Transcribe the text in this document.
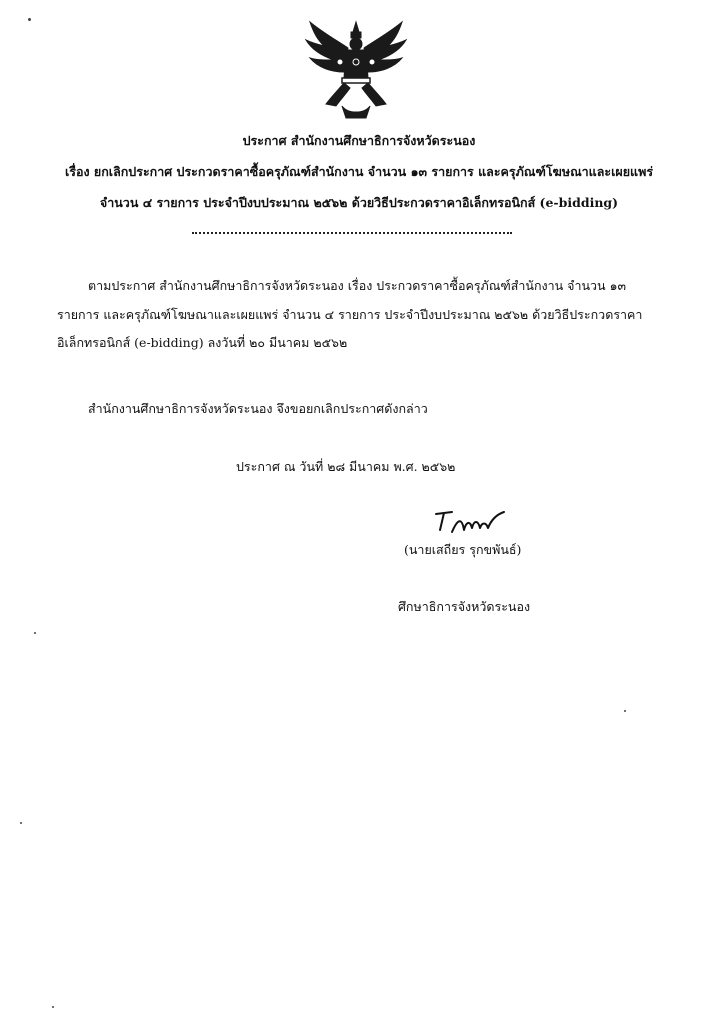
ประกาศ สำนักงานศึกษาธิการจังหวัดระนอง
เรื่อง ยกเลิกประกาศ ประกวดราคาซื้อครุภัณฑ์สำนักงาน จำนวน ๑๓ รายการ และครุภัณฑ์โฆษณาและเผยแพร่
จำนวน ๔ รายการ ประจำปีงบประมาณ ๒๕๖๒ ด้วยวิธีประกวดราคาอิเล็กทรอนิกส์ (e-bidding)
ตามประกาศ สำนักงานศึกษาธิการจังหวัดระนอง เรื่อง ประกวดราคาซื้อครุภัณฑ์สำนักงาน จำนวน ๑๓
รายการ และครุภัณฑ์โฆษณาและเผยแพร่ จำนวน ๔ รายการ ประจำปีงบประมาณ ๒๕๖๒ ด้วยวิธีประกวดราคา
อิเล็กทรอนิกส์ (e-bidding) ลงวันที่ ๒๐ มีนาคม ๒๕๖๒
สำนักงานศึกษาธิการจังหวัดระนอง จึงขอยกเลิกประกาศดังกล่าว
ประกาศ ณ วันที่ ๒๘ มีนาคม พ.ศ. ๒๕๖๒
(นายเสถียร รุกขพันธ์)
ศึกษาธิการจังหวัดระนอง
